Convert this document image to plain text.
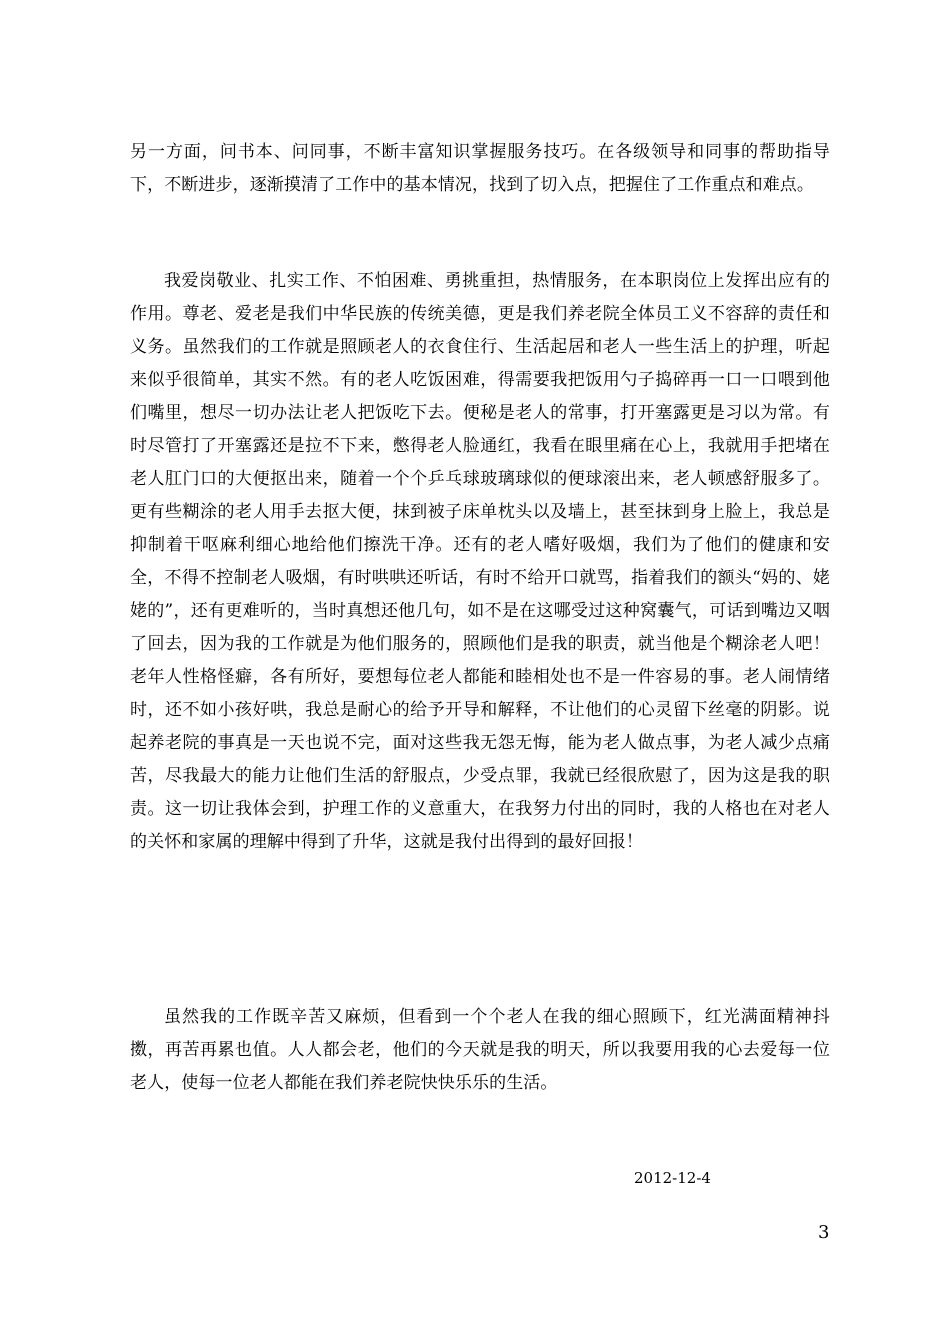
另一方面，问书本、问同事，不断丰富知识掌握服务技巧。在各级领导和同事的帮助指导下，不断进步，逐渐摸清了工作中的基本情况，找到了切入点，把握住了工作重点和难点。

我爱岗敬业、扎实工作、不怕困难、勇挑重担，热情服务，在本职岗位上发挥出应有的作用。尊老、爱老是我们中华民族的传统美德，更是我们养老院全体员工义不容辞的责任和义务。虽然我们的工作就是照顾老人的衣食住行、生活起居和老人一些生活上的护理，听起来似乎很简单，其实不然。有的老人吃饭困难，得需要我把饭用勺子捣碎再一口一口喂到他们嘴里，想尽一切办法让老人把饭吃下去。便秘是老人的常事，打开塞露更是习以为常。有时尽管打了开塞露还是拉不下来，憋得老人脸通红，我看在眼里痛在心上，我就用手把堵在老人肛门口的大便抠出来，随着一个个乒乓球玻璃球似的便球滚出来，老人顿感舒服多了。更有些糊涂的老人用手去抠大便，抹到被子床单枕头以及墙上，甚至抹到身上脸上，我总是抑制着干呕麻利细心地给他们擦洗干净。还有的老人嗜好吸烟，我们为了他们的健康和安全，不得不控制老人吸烟，有时哄哄还听话，有时不给开口就骂，指着我们的额头“妈的、姥姥的”，还有更难听的，当时真想还他几句，如不是在这哪受过这种窝囊气，可话到嘴边又咽了回去，因为我的工作就是为他们服务的，照顾他们是我的职责，就当他是个糊涂老人吧！老年人性格怪癖，各有所好，要想每位老人都能和睦相处也不是一件容易的事。老人闹情绪时，还不如小孩好哄，我总是耐心的给予开导和解释，不让他们的心灵留下丝毫的阴影。说起养老院的事真是一天也说不完，面对这些我无怨无悔，能为老人做点事，为老人减少点痛苦，尽我最大的能力让他们生活的舒服点，少受点罪，我就已经很欣慰了，因为这是我的职责。这一切让我体会到，护理工作的义意重大，在我努力付出的同时，我的人格也在对老人的关怀和家属的理解中得到了升华，这就是我付出得到的最好回报！

虽然我的工作既辛苦又麻烦，但看到一个个老人在我的细心照顾下，红光满面精神抖擞，再苦再累也值。人人都会老，他们的今天就是我的明天，所以我要用我的心去爱每一位老人，使每一位老人都能在我们养老院快快乐乐的生活。

2012-12-4

3
